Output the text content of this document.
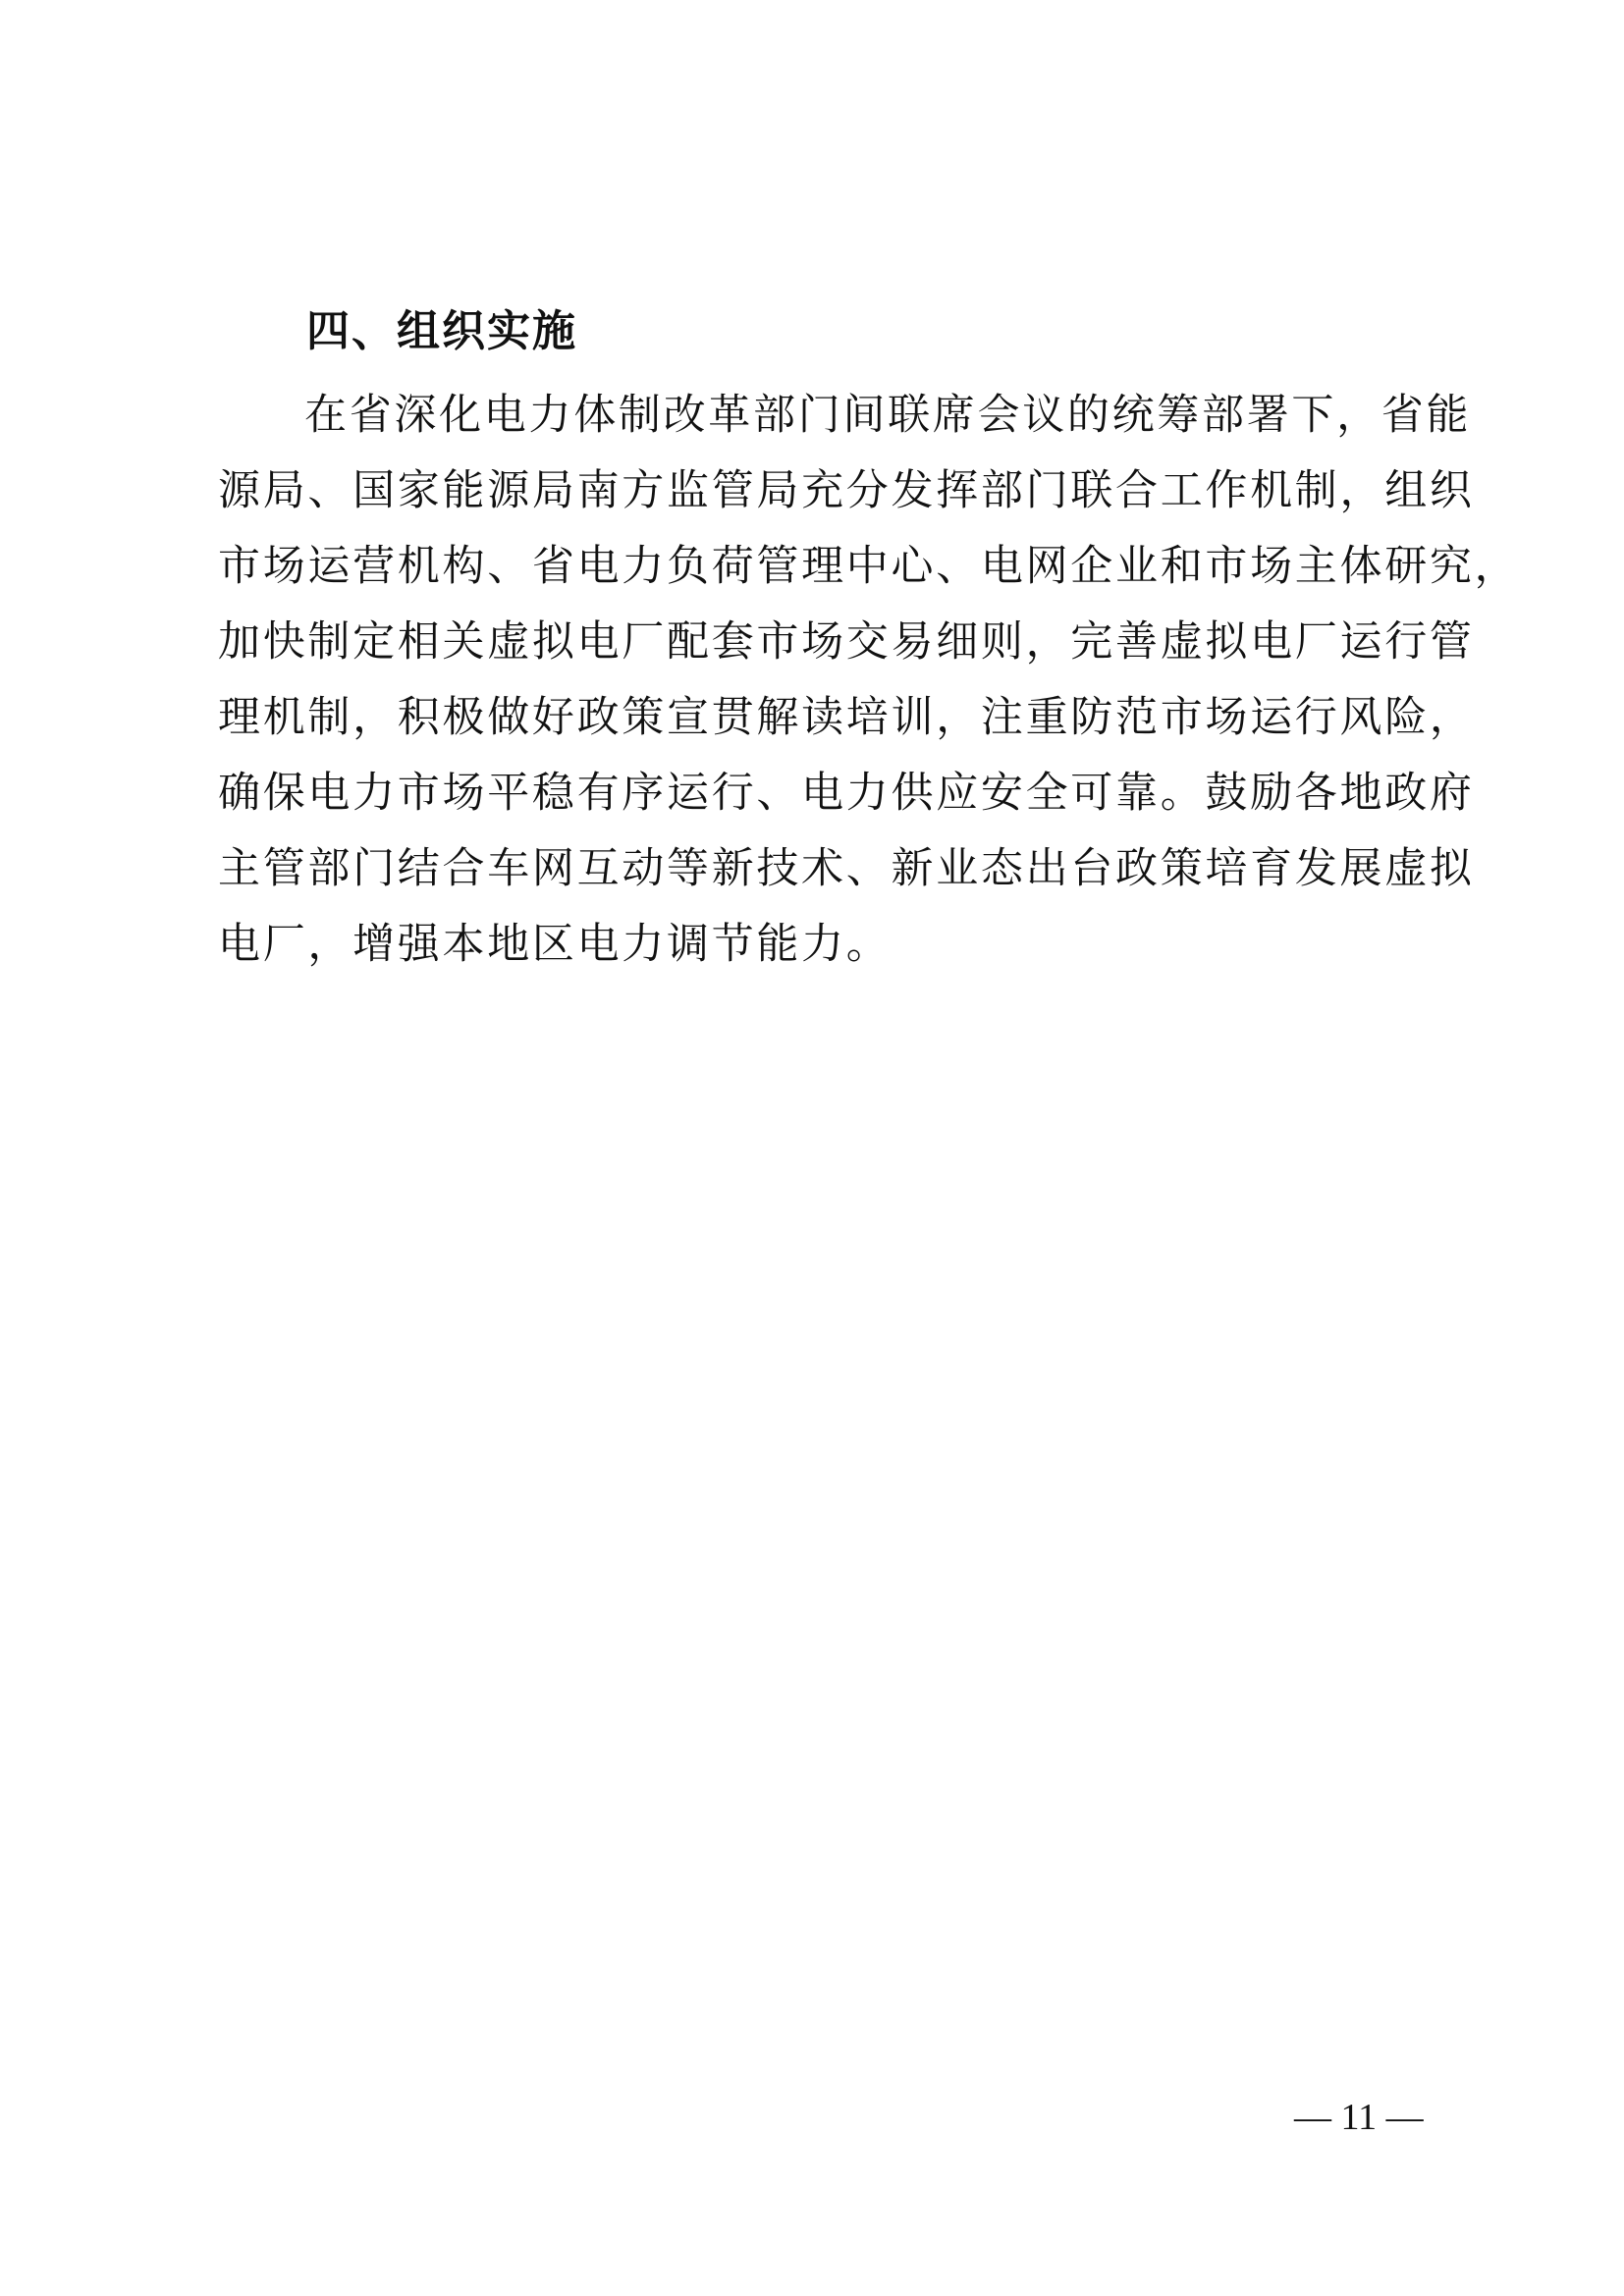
四、组织实施
在省深化电力体制改革部门间联席会议的统筹部署下，省能
源局、国家能源局南方监管局充分发挥部门联合工作机制，组织
市场运营机构、省电力负荷管理中心、电网企业和市场主体研究，
加快制定相关虚拟电厂配套市场交易细则，完善虚拟电厂运行管
理机制，积极做好政策宣贯解读培训，注重防范市场运行风险，
确保电力市场平稳有序运行、电力供应安全可靠。鼓励各地政府
主管部门结合车网互动等新技术、新业态出台政策培育发展虚拟
电厂，增强本地区电力调节能力。
— 11 —
